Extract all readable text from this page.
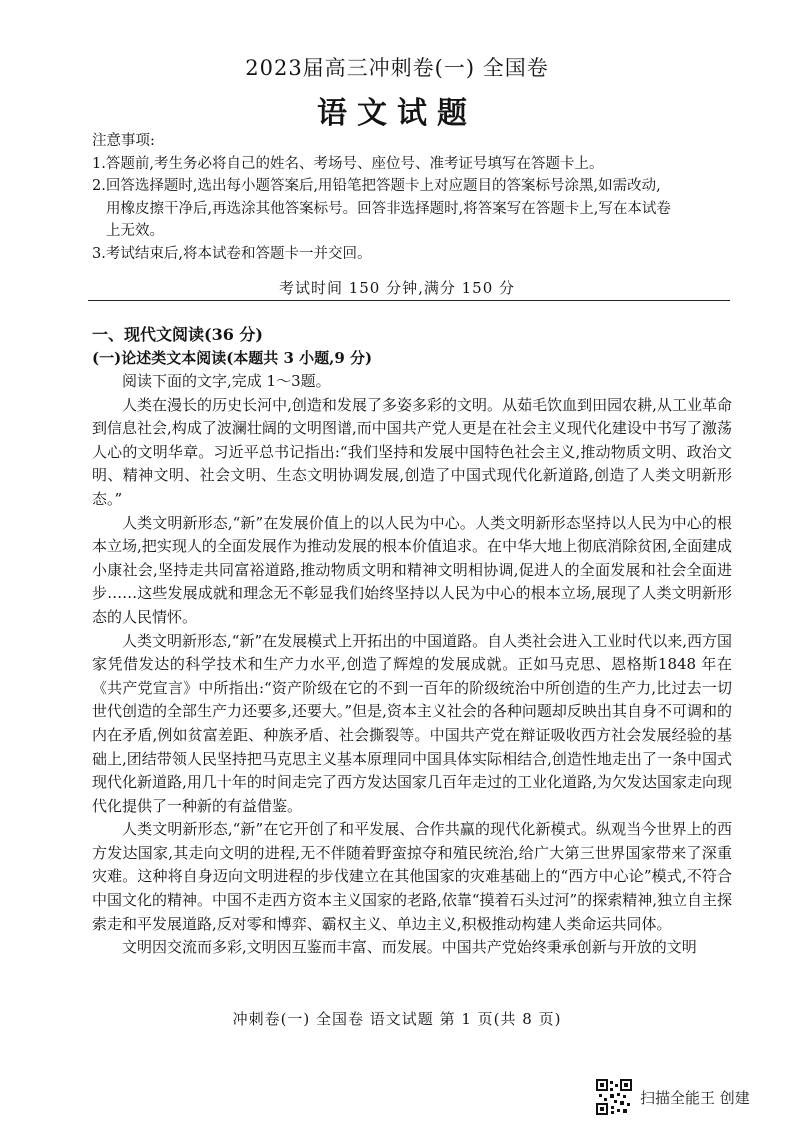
2023届高三冲刺卷(一) 全国卷
语文试题
注意事项:
1.答题前,考生务必将自己的姓名、考场号、座位号、准考证号填写在答题卡上。
2.回答选择题时,选出每小题答案后,用铅笔把答题卡上对应题目的答案标号涂黑,如需改动,
用橡皮擦干净后,再选涂其他答案标号。回答非选择题时,将答案写在答题卡上,写在本试卷
上无效。
3.考试结束后,将本试卷和答题卡一并交回。
考试时间 150 分钟,满分 150 分
一、现代文阅读(36 分)
(一)论述类文本阅读(本题共 3 小题,9 分)

阅读下面的文字,完成 1～3题。

人类在漫长的历史长河中,创造和发展了多姿多彩的文明。从茹毛饮血到田园农耕,从工业革命到信息社会,构成了波澜壮阔的文明图谱,而中国共产党人更是在社会主义现代化建设中书写了激荡人心的文明华章。习近平总书记指出:“我们坚持和发展中国特色社会主义,推动物质文明、政治文明、精神文明、社会文明、生态文明协调发展,创造了中国式现代化新道路,创造了人类文明新形态。”

人类文明新形态,“新”在发展价值上的以人民为中心。人类文明新形态坚持以人民为中心的根本立场,把实现人的全面发展作为推动发展的根本价值追求。在中华大地上彻底消除贫困,全面建成小康社会,坚持走共同富裕道路,推动物质文明和精神文明相协调,促进人的全面发展和社会全面进步……这些发展成就和理念无不彰显我们始终坚持以人民为中心的根本立场,展现了人类文明新形态的人民情怀。

人类文明新形态,“新”在发展模式上开拓出的中国道路。自人类社会进入工业时代以来,西方国家凭借发达的科学技术和生产力水平,创造了辉煌的发展成就。正如马克思、恩格斯1848 年在《共产党宣言》中所指出:“资产阶级在它的不到一百年的阶级统治中所创造的生产力,比过去一切世代创造的全部生产力还要多,还要大。”但是,资本主义社会的各种问题却反映出其自身不可调和的内在矛盾,例如贫富差距、种族矛盾、社会撕裂等。中国共产党在辩证吸收西方社会发展经验的基础上,团结带领人民坚持把马克思主义基本原理同中国具体实际相结合,创造性地走出了一条中国式现代化新道路,用几十年的时间走完了西方发达国家几百年走过的工业化道路,为欠发达国家走向现代化提供了一种新的有益借鉴。

人类文明新形态,“新”在它开创了和平发展、合作共赢的现代化新模式。纵观当今世界上的西方发达国家,其走向文明的进程,无不伴随着野蛮掠夺和殖民统治,给广大第三世界国家带来了深重灾难。这种将自身迈向文明进程的步伐建立在其他国家的灾难基础上的“西方中心论”模式,不符合中国文化的精神。中国不走西方资本主义国家的老路,依靠“摸着石头过河”的探索精神,独立自主探索走和平发展道路,反对零和博弈、霸权主义、单边主义,积极推动构建人类命运共同体。

文明因交流而多彩,文明因互鉴而丰富、而发展。中国共产党始终秉承创新与开放的文明

冲刺卷(一) 全国卷 语文试题 第 1 页(共 8 页)
扫描全能王 创建
